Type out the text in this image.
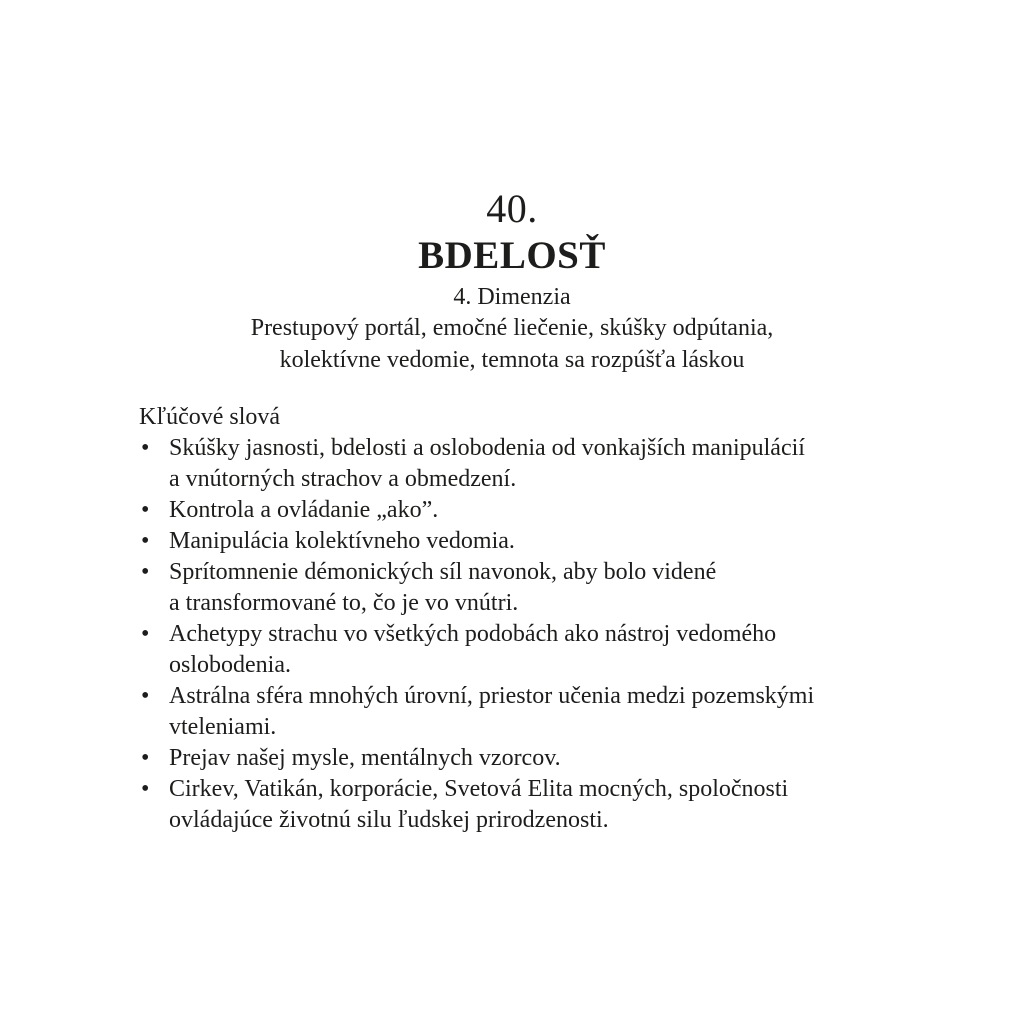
40.
BDELOSŤ
4. Dimenzia
Prestupový portál, emočné liečenie, skúšky odpútania,
kolektívne vedomie, temnota sa rozpúšťa láskou
Kľúčové slová
• Skúšky jasnosti, bdelosti a oslobodenia od vonkajších manipulácií
a vnútorných strachov a obmedzení.
• Kontrola a ovládanie „ako”.
• Manipulácia kolektívneho vedomia.
• Sprítomnenie démonických síl navonok, aby bolo videné
a transformované to, čo je vo vnútri.
• Achetypy strachu vo všetkých podobách ako nástroj vedomého
oslobodenia.
• Astrálna sféra mnohých úrovní, priestor učenia medzi pozemskými
vteleniami.
• Prejav našej mysle, mentálnych vzorcov.
• Cirkev, Vatikán, korporácie, Svetová Elita mocných, spoločnosti
ovládajúce životnú silu ľudskej prirodzenosti.
